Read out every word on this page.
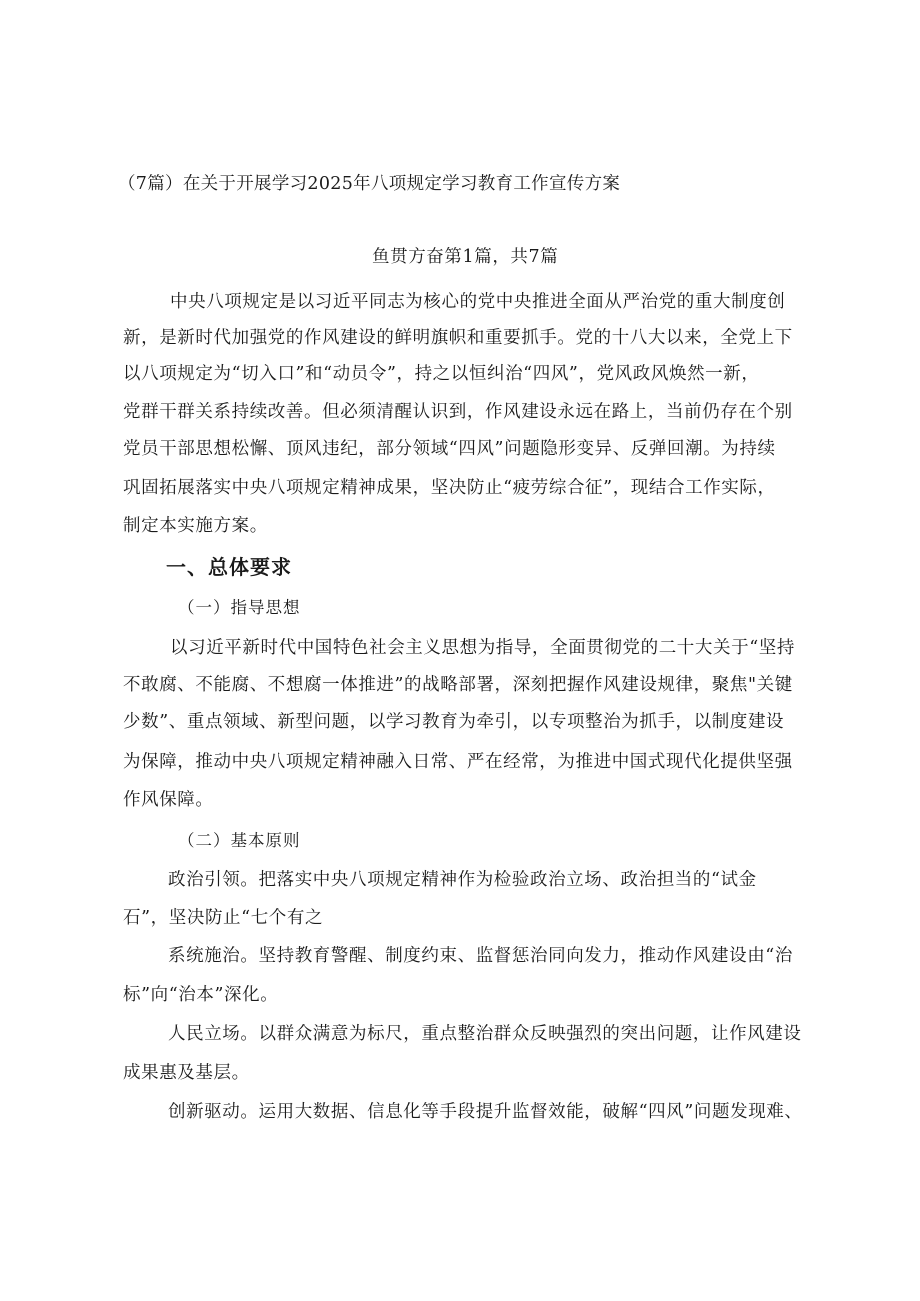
（7篇）在关于开展学习2025年八项规定学习教育工作宣传方案
鱼贯方奋第1篇，共7篇
中央八项规定是以习近平同志为核心的党中央推进全面从严治党的重大制度创
新，是新时代加强党的作风建设的鲜明旗帜和重要抓手。党的十八大以来，全党上下
以八项规定为“切入口”和“动员令”，持之以恒纠治“四风”，党风政风焕然一新，
党群干群关系持续改善。但必须清醒认识到，作风建设永远在路上，当前仍存在个别
党员干部思想松懈、顶风违纪，部分领域“四风”问题隐形变异、反弹回潮。为持续
巩固拓展落实中央八项规定精神成果，坚决防止“疲劳综合征”，现结合工作实际，
制定本实施方案。
一、总体要求
（一）指导思想
以习近平新时代中国特色社会主义思想为指导，全面贯彻党的二十大关于“坚持
不敢腐、不能腐、不想腐一体推进”的战略部署，深刻把握作风建设规律，聚焦"关键
少数”、重点领域、新型问题，以学习教育为牵引，以专项整治为抓手，以制度建设
为保障，推动中央八项规定精神融入日常、严在经常，为推进中国式现代化提供坚强
作风保障。
（二）基本原则
政治引领。把落实中央八项规定精神作为检验政治立场、政治担当的“试金
石”，坚决防止“七个有之
系统施治。坚持教育警醒、制度约束、监督惩治同向发力，推动作风建设由“治
标”向“治本”深化。
人民立场。以群众满意为标尺，重点整治群众反映强烈的突出问题，让作风建设
成果惠及基层。
创新驱动。运用大数据、信息化等手段提升监督效能，破解“四风”问题发现难、
